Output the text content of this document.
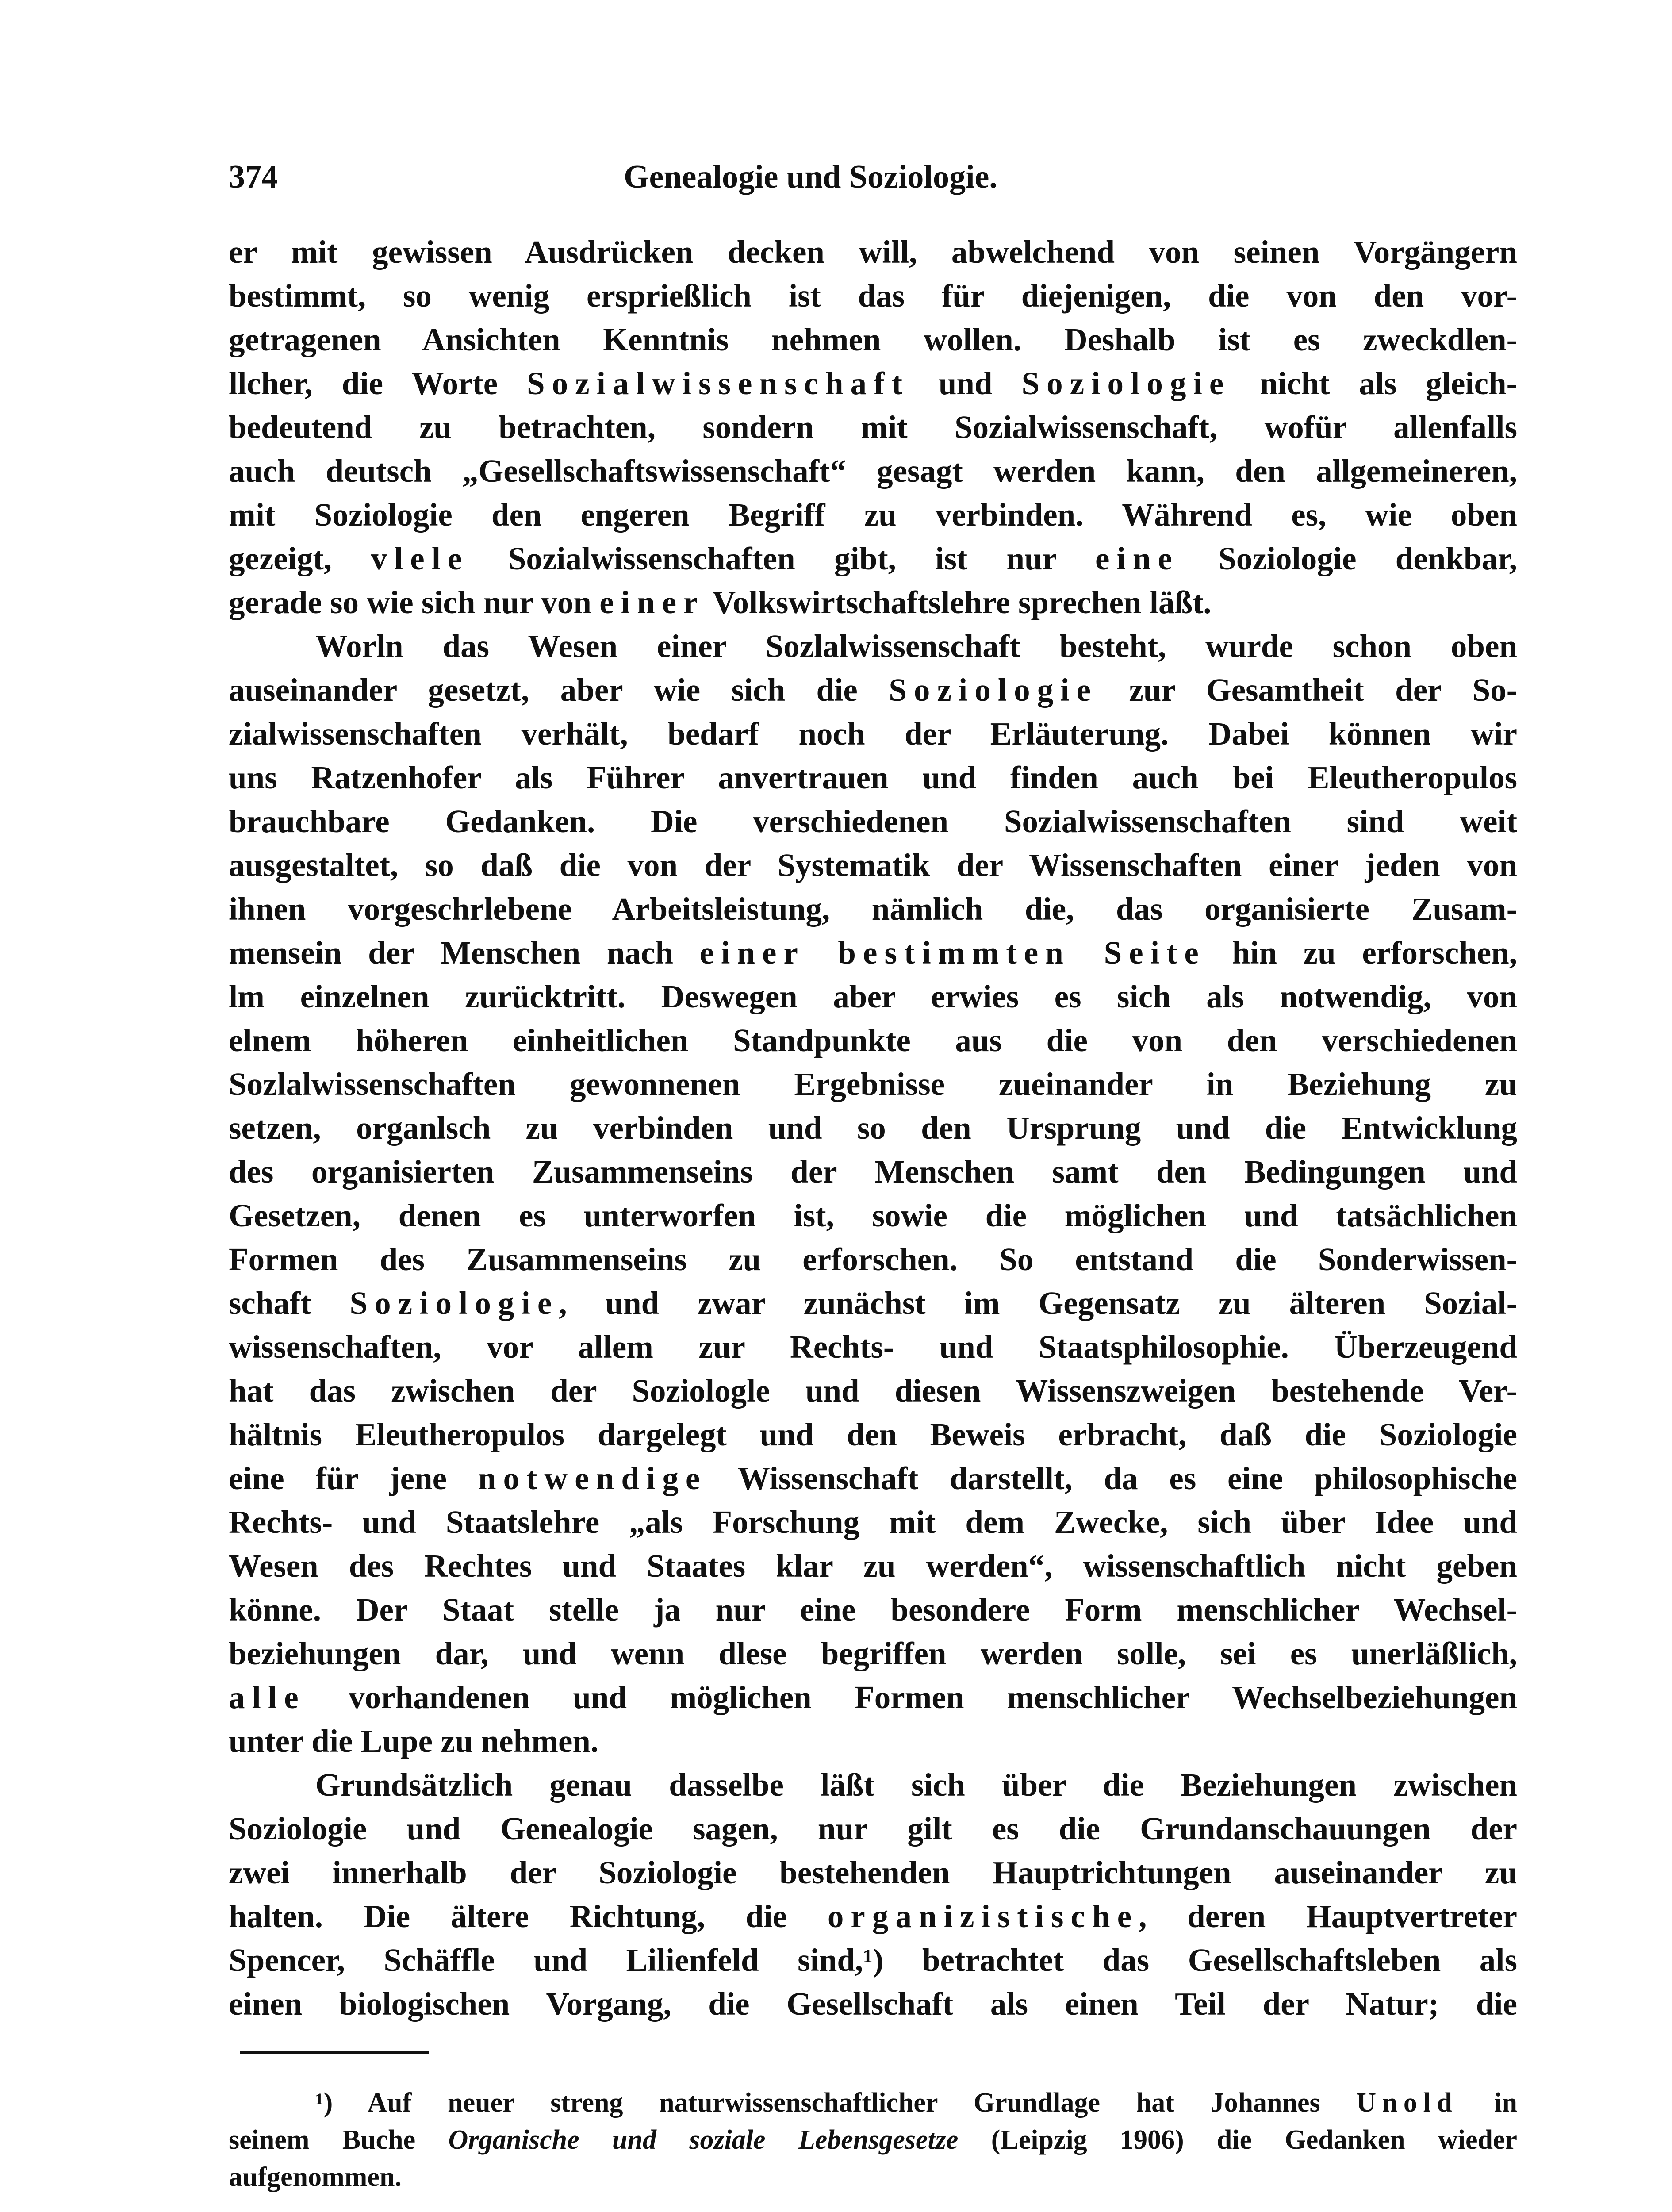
374	Genealogie und Soziologie.
er mit gewissen Ausdrücken decken will, abwelchend von seinen Vorgängern
bestimmt, so wenig ersprießlich ist das für diejenigen, die von den vor-
getragenen Ansichten Kenntnis nehmen wollen. Deshalb ist es zweckdlen-
llcher, die Worte Sozialwissenschaft und Soziologie nicht als gleich-
bedeutend zu betrachten, sondern mit Sozialwissenschaft, wofür allenfalls
auch deutsch „Gesellschaftswissenschaft“ gesagt werden kann, den allgemeineren,
mit Soziologie den engeren Begriff zu verbinden. Während es, wie oben
gezeigt, vlele Sozialwissenschaften gibt, ist nur eine Soziologie denkbar,
gerade so wie sich nur von einer Volkswirtschaftslehre sprechen läßt.
Worln das Wesen einer Sozlalwissenschaft besteht, wurde schon oben
auseinander gesetzt, aber wie sich die Soziologie zur Gesamtheit der So-
zialwissenschaften verhält, bedarf noch der Erläuterung. Dabei können wir
uns Ratzenhofer als Führer anvertrauen und finden auch bei Eleutheropulos
brauchbare Gedanken. Die verschiedenen Sozialwissenschaften sind weit
ausgestaltet, so daß die von der Systematik der Wissenschaften einer jeden von
ihnen vorgeschrlebene Arbeitsleistung, nämlich die, das organisierte Zusam-
mensein der Menschen nach einer bestimmten Seite hin zu erforschen,
lm einzelnen zurücktritt. Deswegen aber erwies es sich als notwendig, von
elnem höheren einheitlichen Standpunkte aus die von den verschiedenen
Sozlalwissenschaften gewonnenen Ergebnisse zueinander in Beziehung zu
setzen, organlsch zu verbinden und so den Ursprung und die Entwicklung
des organisierten Zusammenseins der Menschen samt den Bedingungen und
Gesetzen, denen es unterworfen ist, sowie die möglichen und tatsächlichen
Formen des Zusammenseins zu erforschen. So entstand die Sonderwissen-
schaft Soziologie, und zwar zunächst im Gegensatz zu älteren Sozial-
wissenschaften, vor allem zur Rechts- und Staatsphilosophie. Überzeugend
hat das zwischen der Soziologle und diesen Wissenszweigen bestehende Ver-
hältnis Eleutheropulos dargelegt und den Beweis erbracht, daß die Soziologie
eine für jene notwendige Wissenschaft darstellt, da es eine philosophische
Rechts- und Staatslehre „als Forschung mit dem Zwecke, sich über Idee und
Wesen des Rechtes und Staates klar zu werden“, wissenschaftlich nicht geben
könne. Der Staat stelle ja nur eine besondere Form menschlicher Wechsel-
beziehungen dar, und wenn dlese begriffen werden solle, sei es unerläßlich,
alle vorhandenen und möglichen Formen menschlicher Wechselbeziehungen
unter die Lupe zu nehmen.
Grundsätzlich genau dasselbe läßt sich über die Beziehungen zwischen
Soziologie und Genealogie sagen, nur gilt es die Grundanschauungen der
zwei innerhalb der Soziologie bestehenden Hauptrichtungen auseinander zu
halten. Die ältere Richtung, die organizistische, deren Hauptvertreter
Spencer, Schäffle und Lilienfeld sind,¹) betrachtet das Gesellschaftsleben als
einen biologischen Vorgang, die Gesellschaft als einen Teil der Natur; die
¹) Auf neuer streng naturwissenschaftlicher Grundlage hat Johannes Unold in
seinem Buche Organische und soziale Lebensgesetze (Leipzig 1906) die Gedanken wieder
aufgenommen.
